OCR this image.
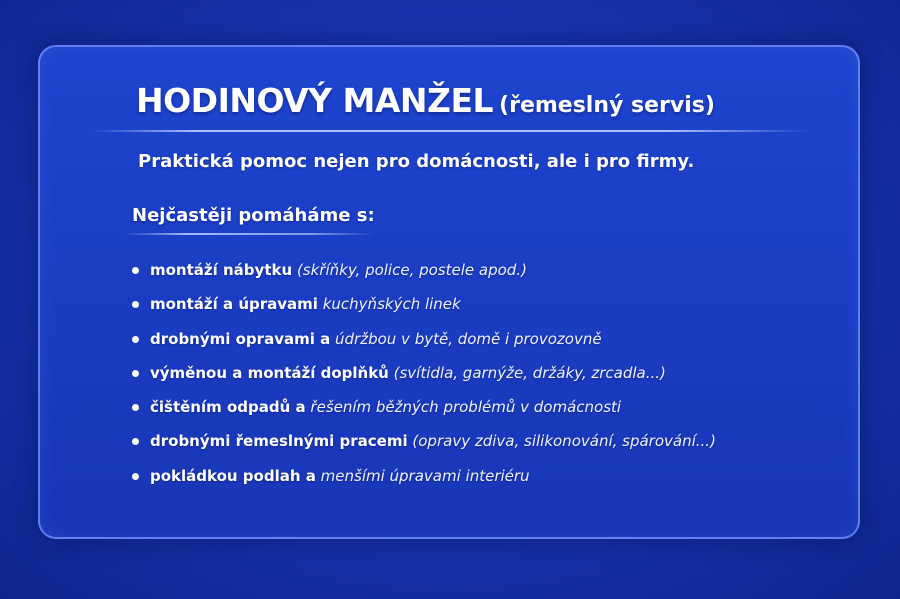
HODINOVÝ MANŽEL (řemeslný servis)
Praktická pomoc nejen pro domácnosti, ale i pro firmy.
Nejčastěji pomáháme s:
montáží nábytku (skříňky, police, postele apod.)
montáží a úpravami kuchyňských linek
drobnými opravami a údržbou v bytě, domě i provozovně
výměnou a montáží doplňků (svítidla, garnýže, držáky, zrcadla...)
čištěním odpadů a řešením běžných problémů v domácnosti
drobnými řemeslnými pracemi (opravy zdiva, silikonování, spárování...)
pokládkou podlah a menšími úpravami interiéru
